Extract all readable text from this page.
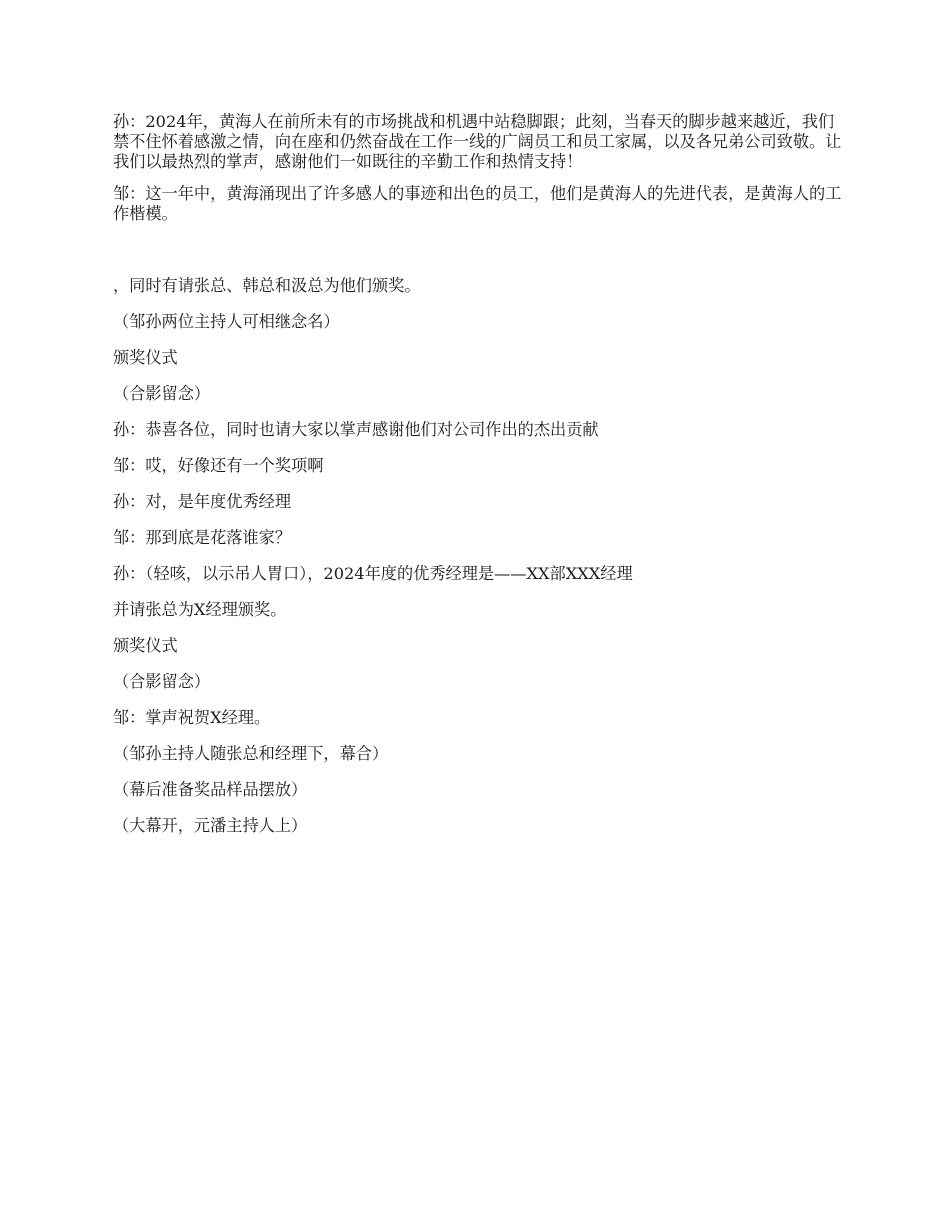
孙：2024年，黄海人在前所未有的市场挑战和机遇中站稳脚跟；此刻，当春天的脚步越来越近，我们禁不住怀着感激之情，向在座和仍然奋战在工作一线的广阔员工和员工家属，以及各兄弟公司致敬。让我们以最热烈的掌声，感谢他们一如既往的辛勤工作和热情支持！

邹：这一年中，黄海涌现出了许多感人的事迹和出色的员工，他们是黄海人的先进代表，是黄海人的工作楷模。

，同时有请张总、韩总和汲总为他们颁奖。

（邹孙两位主持人可相继念名）

颁奖仪式

（合影留念）

孙：恭喜各位，同时也请大家以掌声感谢他们对公司作出的杰出贡献

邹：哎，好像还有一个奖项啊

孙：对，是年度优秀经理

邹：那到底是花落谁家？

孙：（轻咳，以示吊人胃口），2024年度的优秀经理是——XX部XXX经理

并请张总为X经理颁奖。

颁奖仪式

（合影留念）

邹：掌声祝贺X经理。

（邹孙主持人随张总和经理下，幕合）

（幕后准备奖品样品摆放）

（大幕开，元潘主持人上）
